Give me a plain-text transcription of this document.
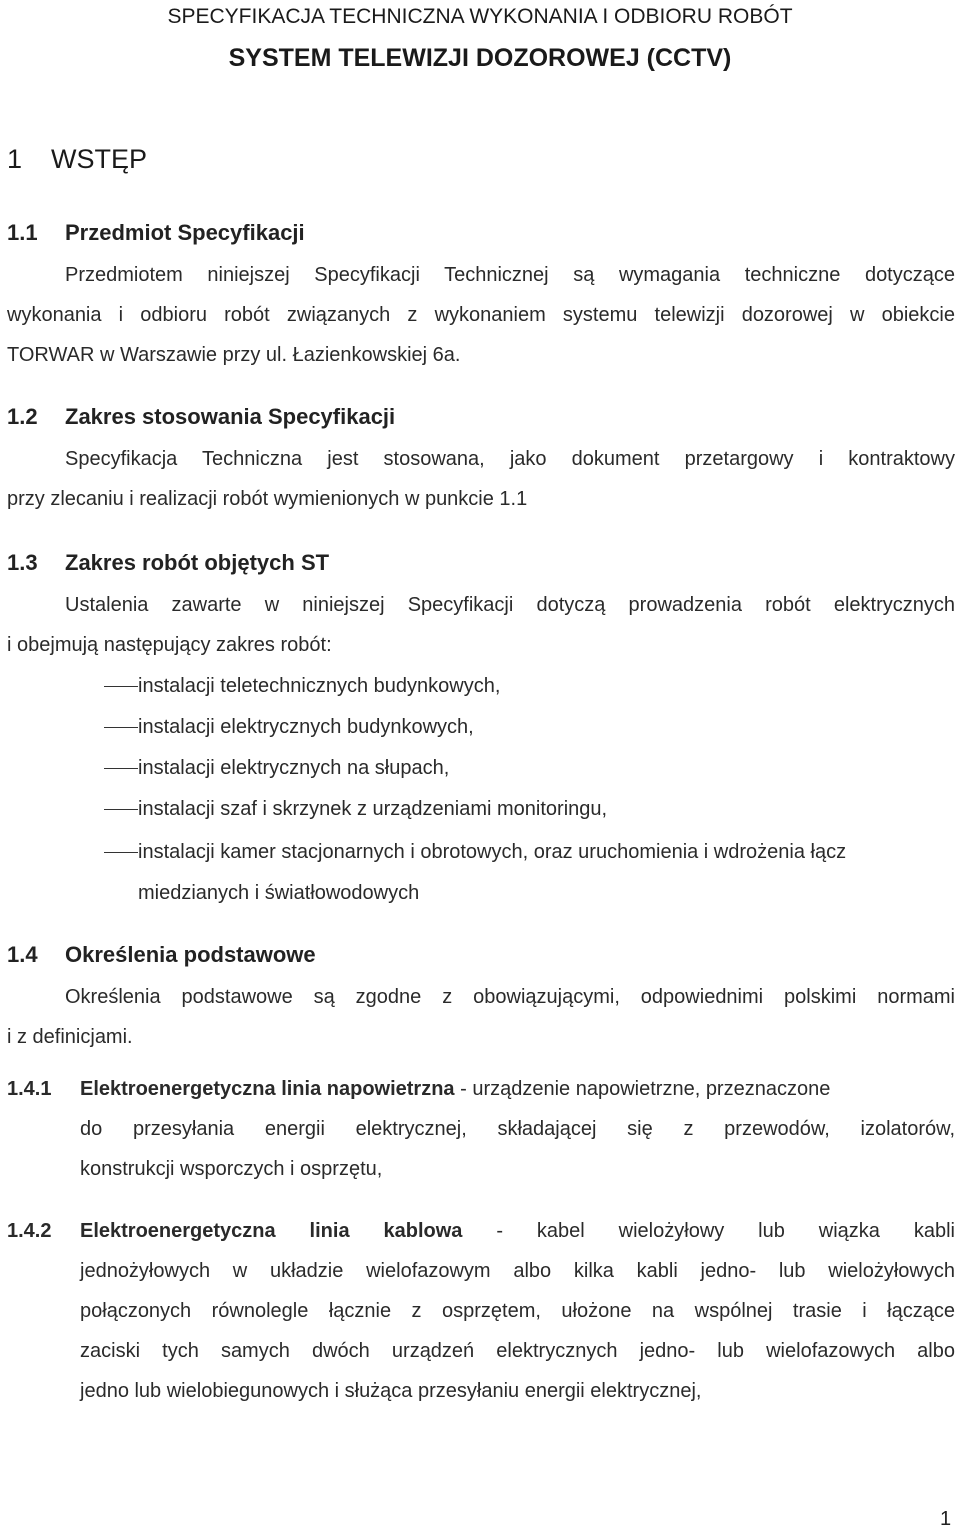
SPECYFIKACJA TECHNICZNA WYKONANIA I ODBIORU ROBÓT
SYSTEM TELEWIZJI DOZOROWEJ (CCTV)
1 WSTĘP
1.1 Przedmiot Specyfikacji
Przedmiotem niniejszej Specyfikacji Technicznej są wymagania techniczne dotyczące
wykonania i odbioru robót związanych z wykonaniem systemu telewizji dozorowej w obiekcie
TORWAR w Warszawie przy ul. Łazienkowskiej 6a.
1.2 Zakres stosowania Specyfikacji
Specyfikacja Techniczna jest stosowana, jako dokument przetargowy i kontraktowy
przy zlecaniu i realizacji robót wymienionych w punkcie 1.1
1.3 Zakres robót objętych ST
Ustalenia zawarte w niniejszej Specyfikacji dotyczą prowadzenia robót elektrycznych
i obejmują następujący zakres robót:
instalacji teletechnicznych budynkowych,
instalacji elektrycznych budynkowych,
instalacji elektrycznych na słupach,
instalacji szaf i skrzynek z urządzeniami monitoringu,
instalacji kamer stacjonarnych i obrotowych, oraz uruchomienia i wdrożenia łącz
miedzianych i światłowodowych
1.4 Określenia podstawowe
Określenia podstawowe są zgodne z obowiązującymi, odpowiednimi polskimi normami
i z definicjami.
1.4.1 Elektroenergetyczna linia napowietrzna - urządzenie napowietrzne, przeznaczone
do przesyłania energii elektrycznej, składającej się z przewodów, izolatorów,
konstrukcji wsporczych i osprzętu,
1.4.2 Elektroenergetyczna linia kablowa - kabel wielożyłowy lub wiązka kabli
jednożyłowych w układzie wielofazowym albo kilka kabli jedno- lub wielożyłowych
połączonych równolegle łącznie z osprzętem, ułożone na wspólnej trasie i łączące
zaciski tych samych dwóch urządzeń elektrycznych jedno- lub wielofazowych albo
jedno lub wielobiegunowych i służąca przesyłaniu energii elektrycznej,
1
